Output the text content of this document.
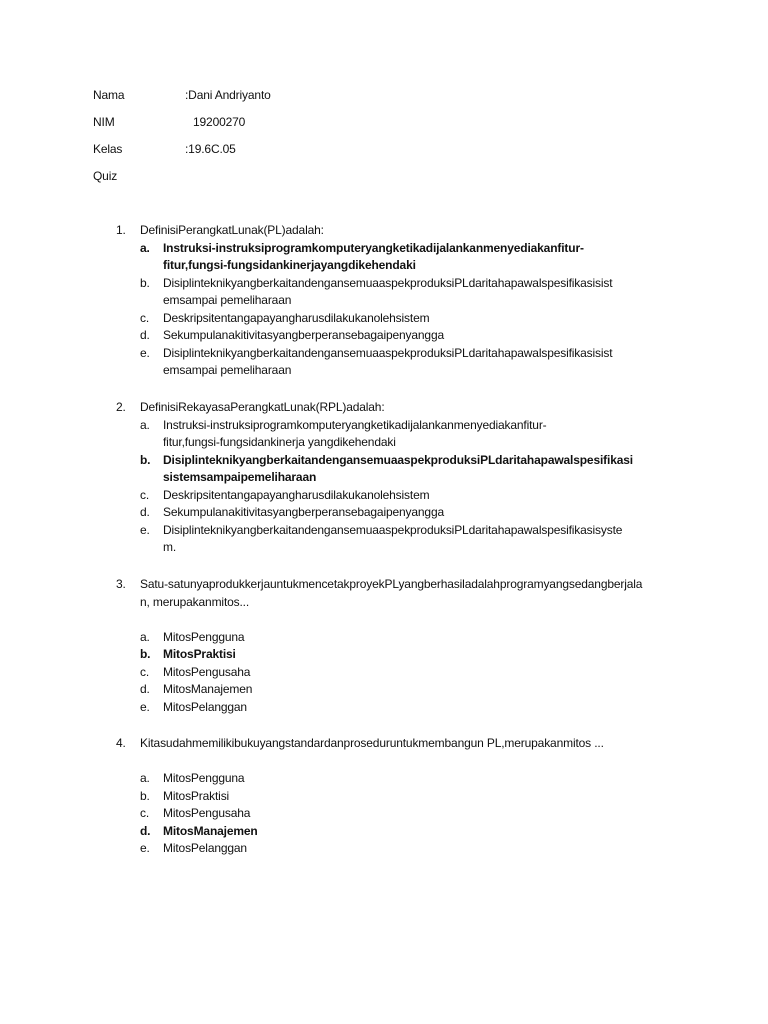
Nama	:Dani Andriyanto
NIM	19200270
Kelas	:19.6C.05
Quiz
1. DefinisiPerangkatLunak(PL)adalah:

a. Instruksi-instruksiprogramkomputeryangketikadijalankanmenyediakanfitur-fitur,fungsi-fungsidankinerjayangdikehendaki
b. DisiplinteknikyangberkaitandengansemuaaspekproduksiPLdaritahapawalspesifikasisistemsampai pemeliharaan
c. Deskripsitentangapayangharusdilakukanolehsistem
d. Sekumpulanakitivitasyangberperansebagaipenyangga
e. DisiplinteknikyangberkaitandengansemuaaspekproduksiPLdaritahapawalspesifikasisistemsampai pemeliharaan
2. DefinisiRekayasaPerangkatLunak(RPL)adalah:

a. Instruksi-instruksiprogramkomputeryangketikadijalankanmenyediakanfitur-fitur,fungsi-fungsidankinerja yangdikehendaki
b. DisiplinteknikyangberkaitandengansemuaaspekproduksiPLdaritahapawalspesifikasisistemsampaipemeliharaan
c. Deskripsitentangapayangharusdilakukanolehsistem
d. Sekumpulanakitivitasyangberperansebagaipenyangga
e. DisiplinteknikyangberkaitandengansemuaaspekproduksiPLdaritahapawalspesifikasisystem.
3. Satu-satunyaprodukkerjauntukmencetakproyekPLyangberhasiladalahprogramyangsedangberjalan, merupakanmitos...

a. MitosPengguna
b. MitosPraktisi
c. MitosPengusaha
d. MitosManajemen
e. MitosPelanggan
4. Kitasudahmemilikibukuyangstandardanproseduruntukmembangun PL,merupakanmitos ...

a. MitosPengguna
b. MitosPraktisi
c. MitosPengusaha
d. MitosManajemen
e. MitosPelanggan
